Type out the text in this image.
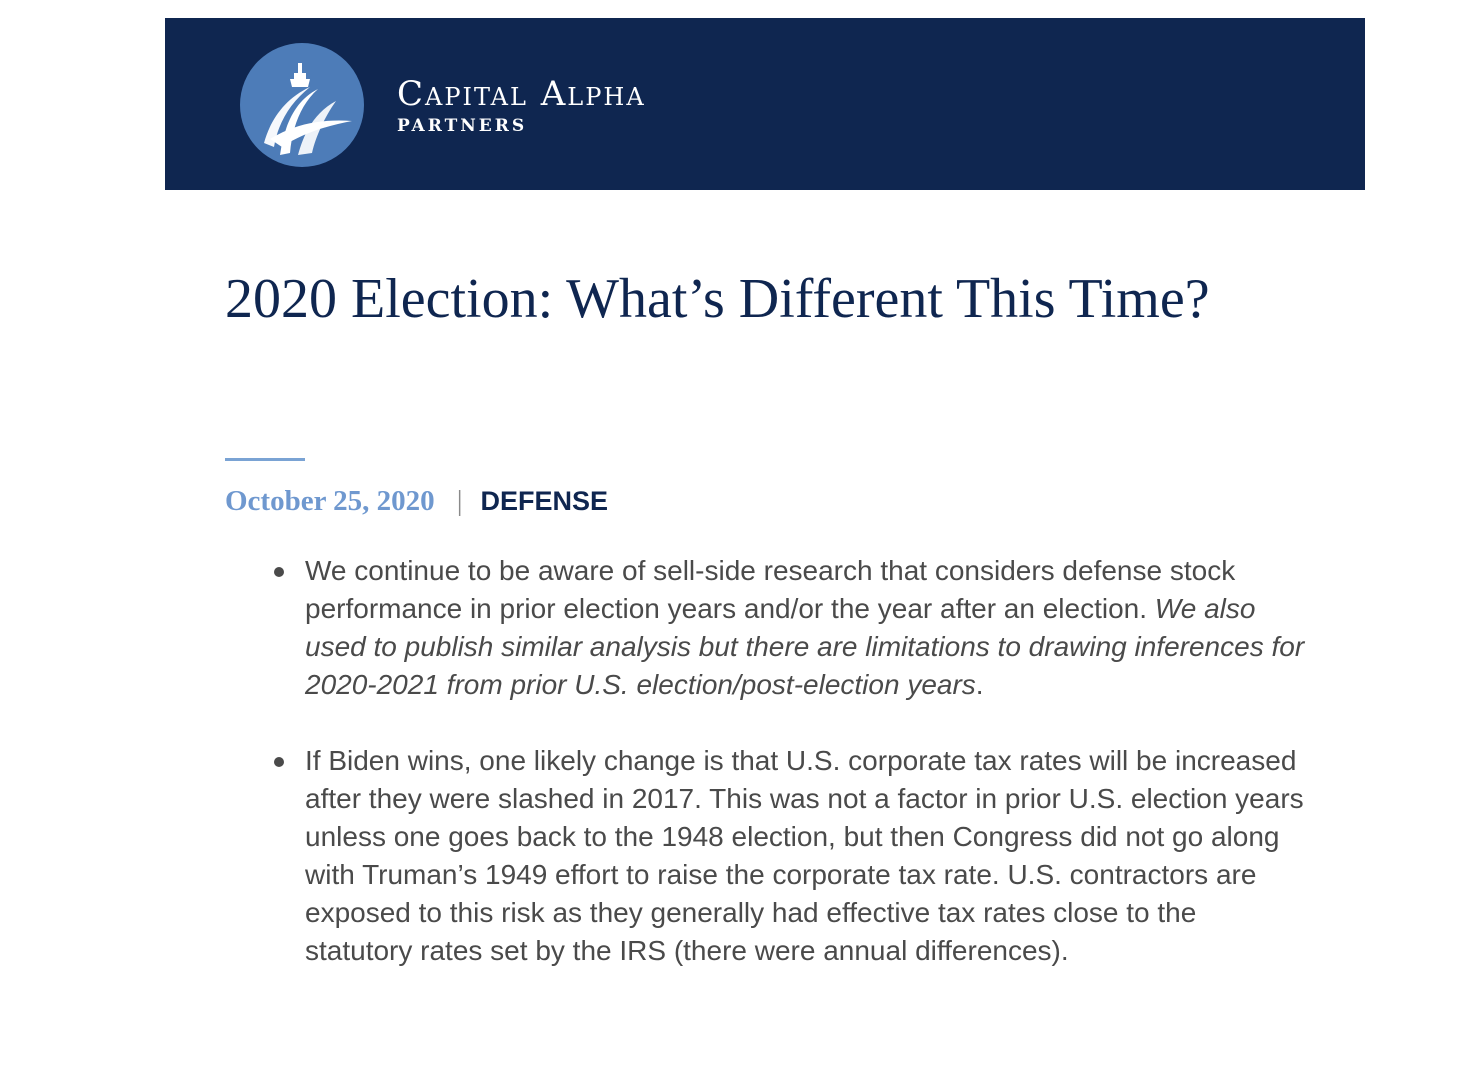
Capital Alpha
PARTNERS
2020 Election: What’s Different This Time?
October 25, 2020 | DEFENSE
We continue to be aware of sell-side research that considers defense stock performance in prior election years and/or the year after an election. We also used to publish similar analysis but there are limitations to drawing inferences for 2020-2021 from prior U.S. election/post-election years.
If Biden wins, one likely change is that U.S. corporate tax rates will be increased after they were slashed in 2017. This was not a factor in prior U.S. election years unless one goes back to the 1948 election, but then Congress did not go along with Truman’s 1949 effort to raise the corporate tax rate. U.S. contractors are exposed to this risk as they generally had effective tax rates close to the statutory rates set by the IRS (there were annual differences).
